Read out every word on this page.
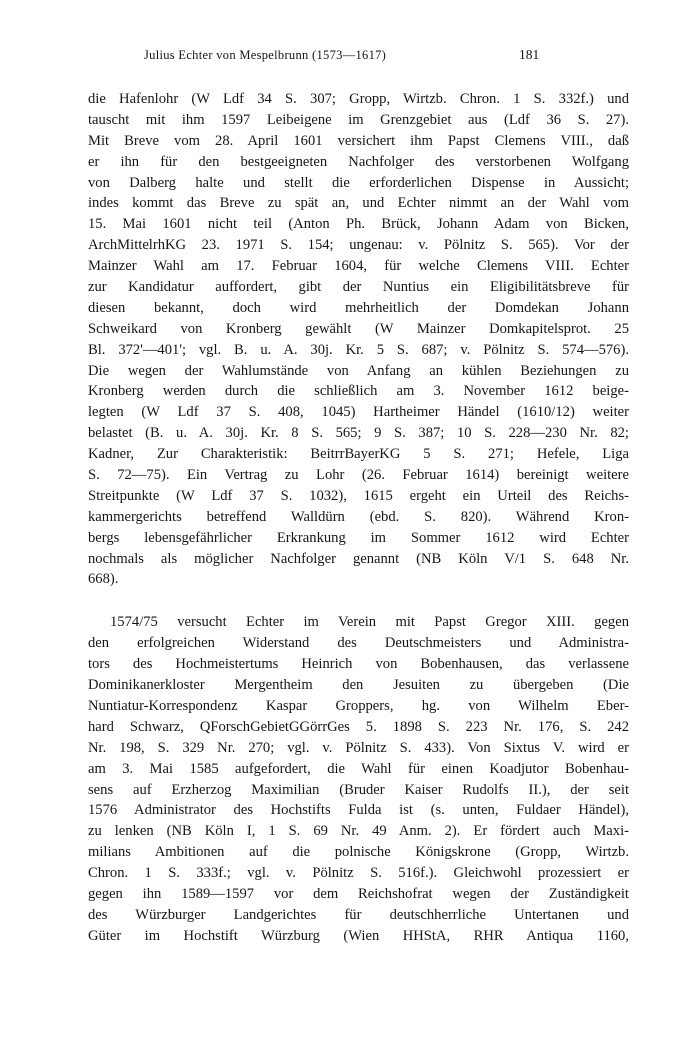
Julius Echter von Mespelbrunn (1573—1617)	181
die Hafenlohr (W Ldf 34 S. 307; Gropp, Wirtzb. Chron. 1 S. 332f.) und
tauscht mit ihm 1597 Leibeigene im Grenzgebiet aus (Ldf 36 S. 27).
Mit Breve vom 28. April 1601 versichert ihm Papst Clemens VIII., daß
er ihn für den bestgeeigneten Nachfolger des verstorbenen Wolfgang
von Dalberg halte und stellt die erforderlichen Dispense in Aussicht;
indes kommt das Breve zu spät an, und Echter nimmt an der Wahl vom
15. Mai 1601 nicht teil (Anton Ph. Brück, Johann Adam von Bicken,
ArchMittelrhKG 23. 1971 S. 154; ungenau: v. Pölnitz S. 565). Vor der
Mainzer Wahl am 17. Februar 1604, für welche Clemens VIII. Echter
zur Kandidatur auffordert, gibt der Nuntius ein Eligibilitätsbreve für
diesen bekannt, doch wird mehrheitlich der Domdekan Johann
Schweikard von Kronberg gewählt (W Mainzer Domkapitelsprot. 25
Bl. 372'—401'; vgl. B. u. A. 30j. Kr. 5 S. 687; v. Pölnitz S. 574—576).
Die wegen der Wahlumstände von Anfang an kühlen Beziehungen zu
Kronberg werden durch die schließlich am 3. November 1612 beige-
legten (W Ldf 37 S. 408, 1045) Hartheimer Händel (1610/12) weiter
belastet (B. u. A. 30j. Kr. 8 S. 565; 9 S. 387; 10 S. 228—230 Nr. 82;
Kadner, Zur Charakteristik: BeitrrBayerKG 5 S. 271; Hefele, Liga
S. 72—75). Ein Vertrag zu Lohr (26. Februar 1614) bereinigt weitere
Streitpunkte (W Ldf 37 S. 1032), 1615 ergeht ein Urteil des Reichs-
kammergerichts betreffend Walldürn (ebd. S. 820). Während Kron-
bergs lebensgefährlicher Erkrankung im Sommer 1612 wird Echter
nochmals als möglicher Nachfolger genannt (NB Köln V/1 S. 648 Nr.
668).
1574/75 versucht Echter im Verein mit Papst Gregor XIII. gegen
den erfolgreichen Widerstand des Deutschmeisters und Administra-
tors des Hochmeistertums Heinrich von Bobenhausen, das verlassene
Dominikanerkloster Mergentheim den Jesuiten zu übergeben (Die
Nuntiatur-Korrespondenz Kaspar Groppers, hg. von Wilhelm Eber-
hard Schwarz, QForschGebietGGörrGes 5. 1898 S. 223 Nr. 176, S. 242
Nr. 198, S. 329 Nr. 270; vgl. v. Pölnitz S. 433). Von Sixtus V. wird er
am 3. Mai 1585 aufgefordert, die Wahl für einen Koadjutor Bobenhau-
sens auf Erzherzog Maximilian (Bruder Kaiser Rudolfs II.), der seit
1576 Administrator des Hochstifts Fulda ist (s. unten, Fuldaer Händel),
zu lenken (NB Köln I, 1 S. 69 Nr. 49 Anm. 2). Er fördert auch Maxi-
milians Ambitionen auf die polnische Königskrone (Gropp, Wirtzb.
Chron. 1 S. 333f.; vgl. v. Pölnitz S. 516f.). Gleichwohl prozessiert er
gegen ihn 1589—1597 vor dem Reichshofrat wegen der Zuständigkeit
des Würzburger Landgerichtes für deutschherrliche Untertanen und
Güter im Hochstift Würzburg (Wien HHStA, RHR Antiqua 1160,
